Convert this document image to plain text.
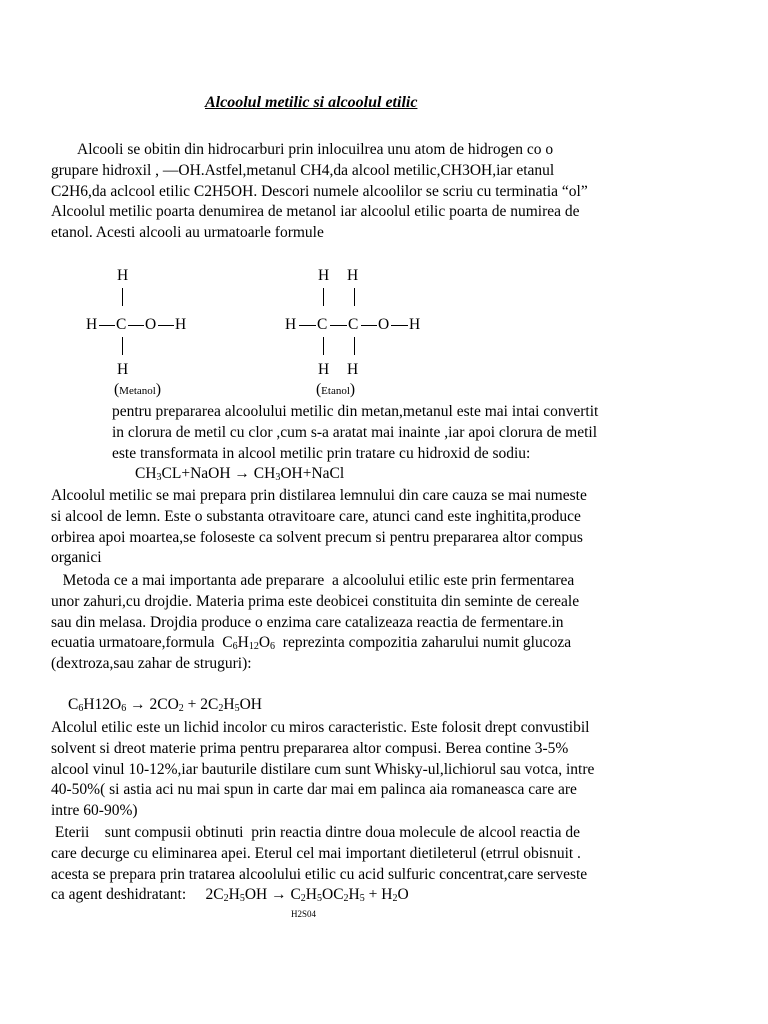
Alcoolul metilic si alcoolul etilic
Alcooli se obitin din hidrocarburi prin inlocuilrea unu atom de hidrogen co o
grupare hidroxil , —OH.Astfel,metanul CH4,da alcool metilic,CH3OH,iar etanul
C2H6,da aclcool etilic C2H5OH. Descori numele alcoolilor se scriu cu terminatia “ol”
Alcoolul metilic poarta denumirea de metanol iar alcoolul etilic poarta de numirea de
etanol. Acesti alcooli au urmatoarle formule
H
H C O H
H
(Metanol)
H H
H C C O H
H H
(Etanol)
pentru prepararea alcoolului metilic din metan,metanul este mai intai convertit
in clorura de metil cu clor ,cum s-a aratat mai inainte ,iar apoi clorura de metil
este transformata in alcool metilic prin tratare cu hidroxid de sodiu:
$CH_3CL+NaOH$ → $CH_3OH+NaCl$
Alcoolul metilic se mai prepara prin distilarea lemnului din care cauza se mai numeste
si alcool de lemn. Este o substanta otravitoare care, atunci cand este inghitita,produce
orbirea apoi moartea,se foloseste ca solvent precum si pentru prepararea altor compus
organici
Metoda ce a mai importanta ade preparare  a alcoolului etilic este prin fermentarea
unor zahuri,cu drojdie. Materia prima este deobicei constituita din seminte de cereale
sau din melasa. Drojdia produce o enzima care catalizeaza reactia de fermentare.in
ecuatia urmatoare,formula  $C_6H_{12}O_6$  reprezinta compozitia zaharului numit glucoza
(dextroza,sau zahar de struguri):
$C_6H12O_6 \to 2CO_2 + 2C_2H_5OH$
Alcolul etilic este un lichid incolor cu miros caracteristic. Este folosit drept convustibil
solvent si dreot materie prima pentru prepararea altor compusi. Berea contine 3-5%
alcool vinul 10-12%,iar bauturile distilare cum sunt Whisky-ul,lichiorul sau votca, intre
40-50%( si astia aci nu mai spun in carte dar mai em palinca aia romaneasca care are
intre 60-90%)
Eterii    sunt compusii obtinuti  prin reactia dintre doua molecule de alcool reactia de
care decurge cu eliminarea apei. Eterul cel mai important dietileterul (etrrul obisnuit .
acesta se prepara prin tratarea alcoolului etilic cu acid sulfuric concentrat,care serveste
ca agent deshidratant:     $2C_2H_5OH \to C_2H_5OC_2H_5 + H_2O$
H2S04
